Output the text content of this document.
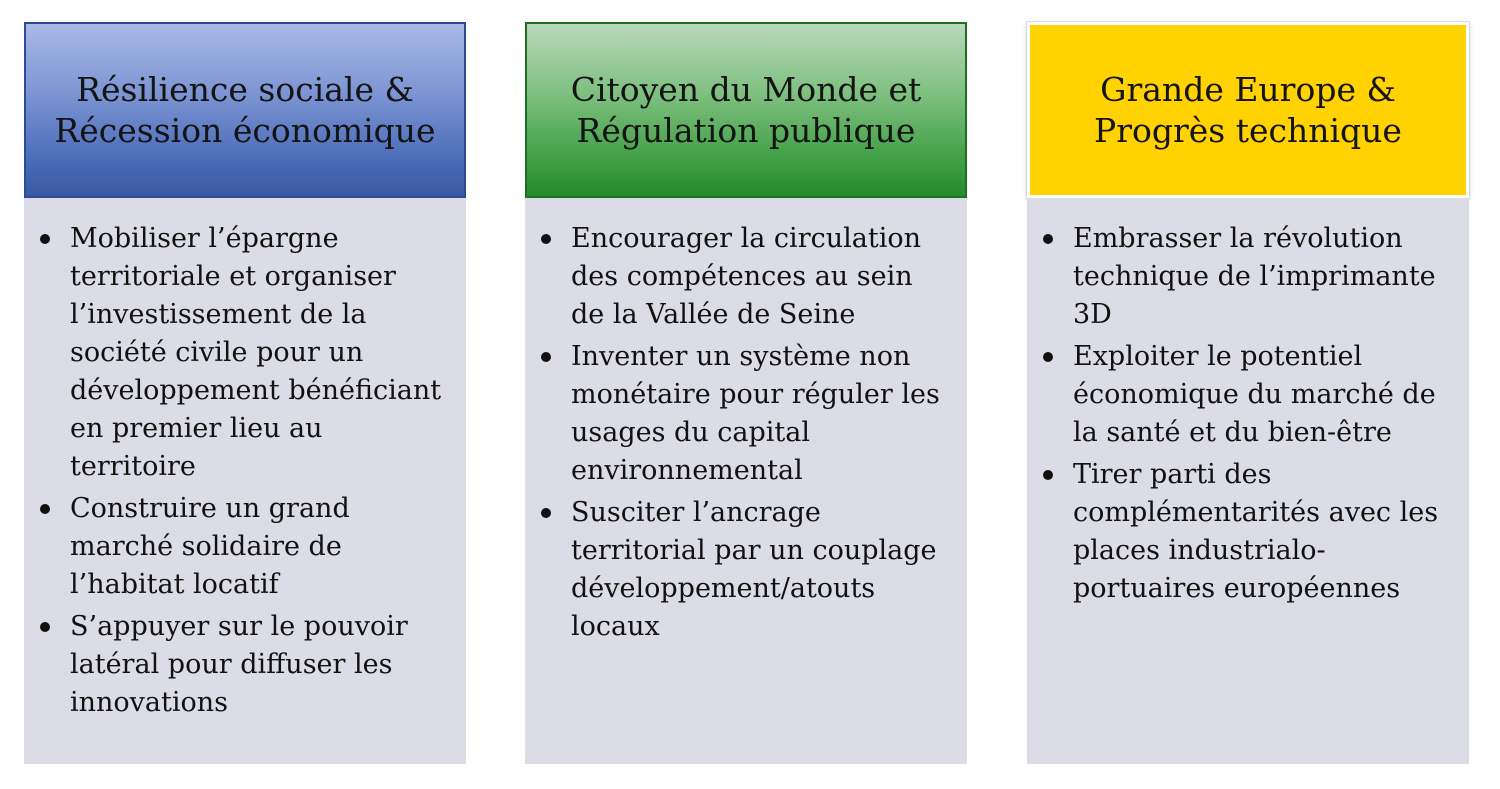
Résilience sociale &
Récession économique
Mobiliser l’épargne territoriale et organiser l’investissement de la société civile pour un développement bénéficiant en premier lieu au territoire
Construire un grand marché solidaire de l’habitat locatif
S’appuyer sur le pouvoir latéral pour diffuser les innovations
Citoyen du Monde et
Régulation publique
Encourager la circulation des compétences au sein de la Vallée de Seine
Inventer un système non monétaire pour réguler les usages du capital environnemental
Susciter l’ancrage territorial par un couplage développement/atouts locaux
Grande Europe &
Progrès technique
Embrasser la révolution technique de l’imprimante 3D
Exploiter le potentiel économique du marché de la santé et du bien-être
Tirer parti des complémentarités avec les places industrialo-portuaires européennes
